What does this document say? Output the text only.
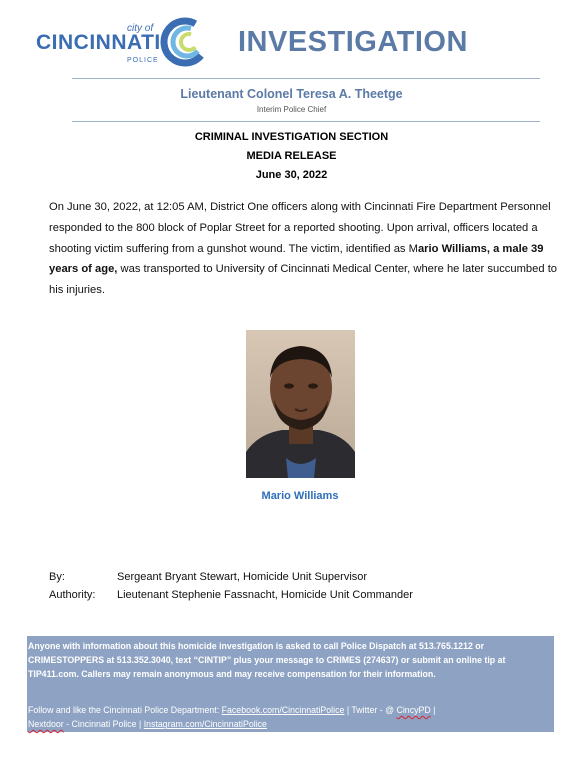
city of
CINCINNATI
POLICE
INVESTIGATION
Lieutenant Colonel Teresa A. Theetge
Interim Police Chief
CRIMINAL INVESTIGATION SECTION
MEDIA RELEASE
June 30, 2022
On June 30, 2022, at 12:05 AM, District One officers along with Cincinnati Fire Department Personnel responded to the 800 block of Poplar Street for a reported shooting. Upon arrival, officers located a shooting victim suffering from a gunshot wound. The victim, identified as Mario Williams, a male 39 years of age, was transported to University of Cincinnati Medical Center, where he later succumbed to his injuries.
Mario Williams
By:	Sergeant Bryant Stewart, Homicide Unit Supervisor
Authority: Lieutenant Stephenie Fassnacht, Homicide Unit Commander
Anyone with information about this homicide investigation is asked to call Police Dispatch at 513.765.1212 or CRIMESTOPPERS at 513.352.3040, text “CINTIP” plus your message to CRIMES (274637) or submit an online tip at TIP411.com. Callers may remain anonymous and may receive compensation for their information.
Follow and like the Cincinnati Police Department: Facebook.com/CincinnatiPolice | Twitter - @ CincyPD |
Nextdoor - Cincinnati Police | Instagram.com/CincinnatiPolice
